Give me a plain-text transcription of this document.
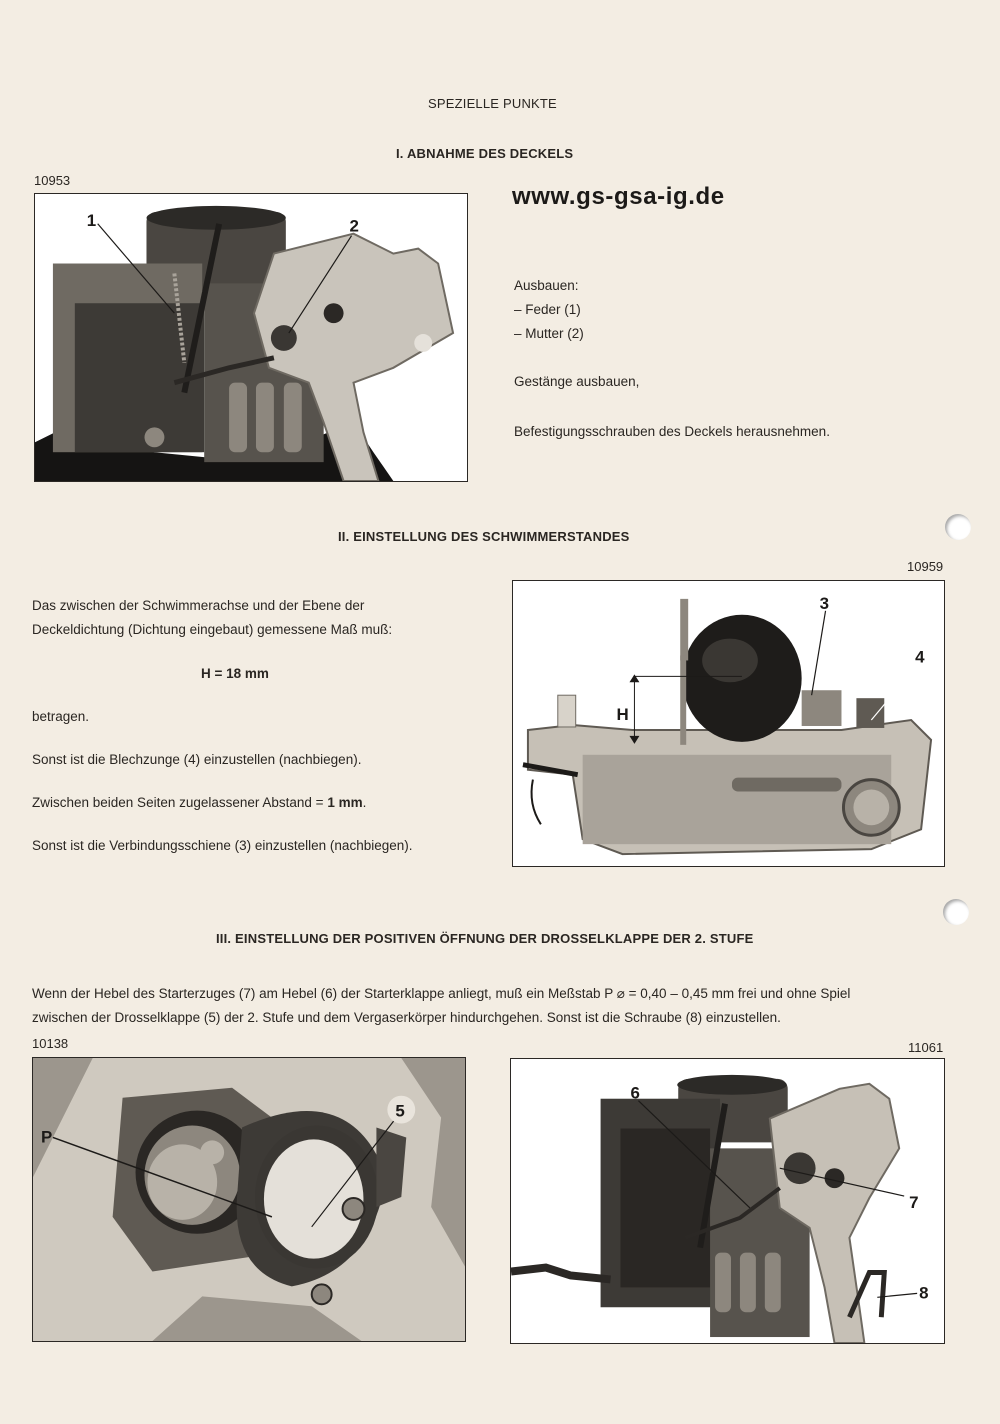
SPEZIELLE PUNKTE
I. ABNAHME DES DECKELS
10953
www.gs-gsa-ig.de
1	2

Ausbauen:

– Feder (1)

– Mutter (2)

Gestänge ausbauen,

Befestigungsschrauben des Deckels herausnehmen.

II. EINSTELLUNG DES SCHWIMMERSTANDES
10959
3
4
H

Das zwischen der Schwimmerachse und der Ebene der

Deckeldichtung (Dichtung eingebaut) gemessene Maß muß:

H = 18 mm

betragen.

Sonst ist die Blechzunge (4) einzustellen (nachbiegen).

Zwischen beiden Seiten zugelassener Abstand = 1 mm.

Sonst ist die Verbindungsschiene (3) einzustellen (nachbiegen).

III. EINSTELLUNG DER POSITIVEN ÖFFNUNG DER DROSSELKLAPPE DER 2. STUFE

Wenn der Hebel des Starterzuges (7) am Hebel (6) der Starterklappe anliegt, muß ein Meßstab P ⌀ = 0,40 – 0,45 mm frei und ohne Spiel

zwischen der Drosselklappe (5) der 2. Stufe und dem Vergaserkörper hindurchgehen. Sonst ist die Schraube (8) einzustellen.

10138	11061
P
5
6
7
8
